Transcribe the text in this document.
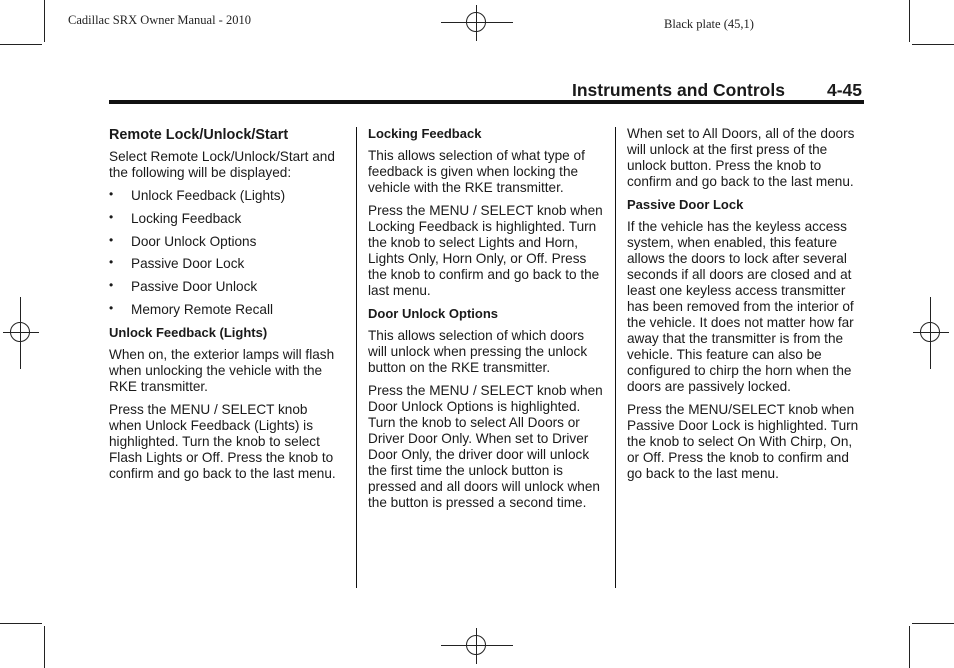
Cadillac SRX Owner Manual - 2010	Black plate (45,1)
Instruments and Controls 4-45
Remote Lock/Unlock/Start

Select Remote Lock/Unlock/Start and the following will be displayed:

• Unlock Feedback (Lights)
• Locking Feedback
• Door Unlock Options
• Passive Door Lock
• Passive Door Unlock
• Memory Remote Recall
Unlock Feedback (Lights)

When on, the exterior lamps will flash when unlocking the vehicle with the RKE transmitter.

Press the MENU / SELECT knob when Unlock Feedback (Lights) is highlighted. Turn the knob to select Flash Lights or Off. Press the knob to confirm and go back to the last menu.

Locking Feedback

This allows selection of what type of feedback is given when locking the vehicle with the RKE transmitter.

Press the MENU / SELECT knob when Locking Feedback is highlighted. Turn the knob to select Lights and Horn, Lights Only, Horn Only, or Off. Press the knob to confirm and go back to the last menu.

Door Unlock Options

This allows selection of which doors will unlock when pressing the unlock button on the RKE transmitter.

Press the MENU / SELECT knob when Door Unlock Options is highlighted. Turn the knob to select All Doors or Driver Door Only. When set to Driver Door Only, the driver door will unlock the first time the unlock button is pressed and all doors will unlock when the button is pressed a second time.

When set to All Doors, all of the doors will unlock at the first press of the unlock button. Press the knob to confirm and go back to the last menu.

Passive Door Lock

If the vehicle has the keyless access system, when enabled, this feature allows the doors to lock after several seconds if all doors are closed and at least one keyless access transmitter has been removed from the interior of the vehicle. It does not matter how far away that the transmitter is from the vehicle. This feature can also be configured to chirp the horn when the doors are passively locked.

Press the MENU/SELECT knob when Passive Door Lock is highlighted. Turn the knob to select On With Chirp, On, or Off. Press the knob to confirm and go back to the last menu.
